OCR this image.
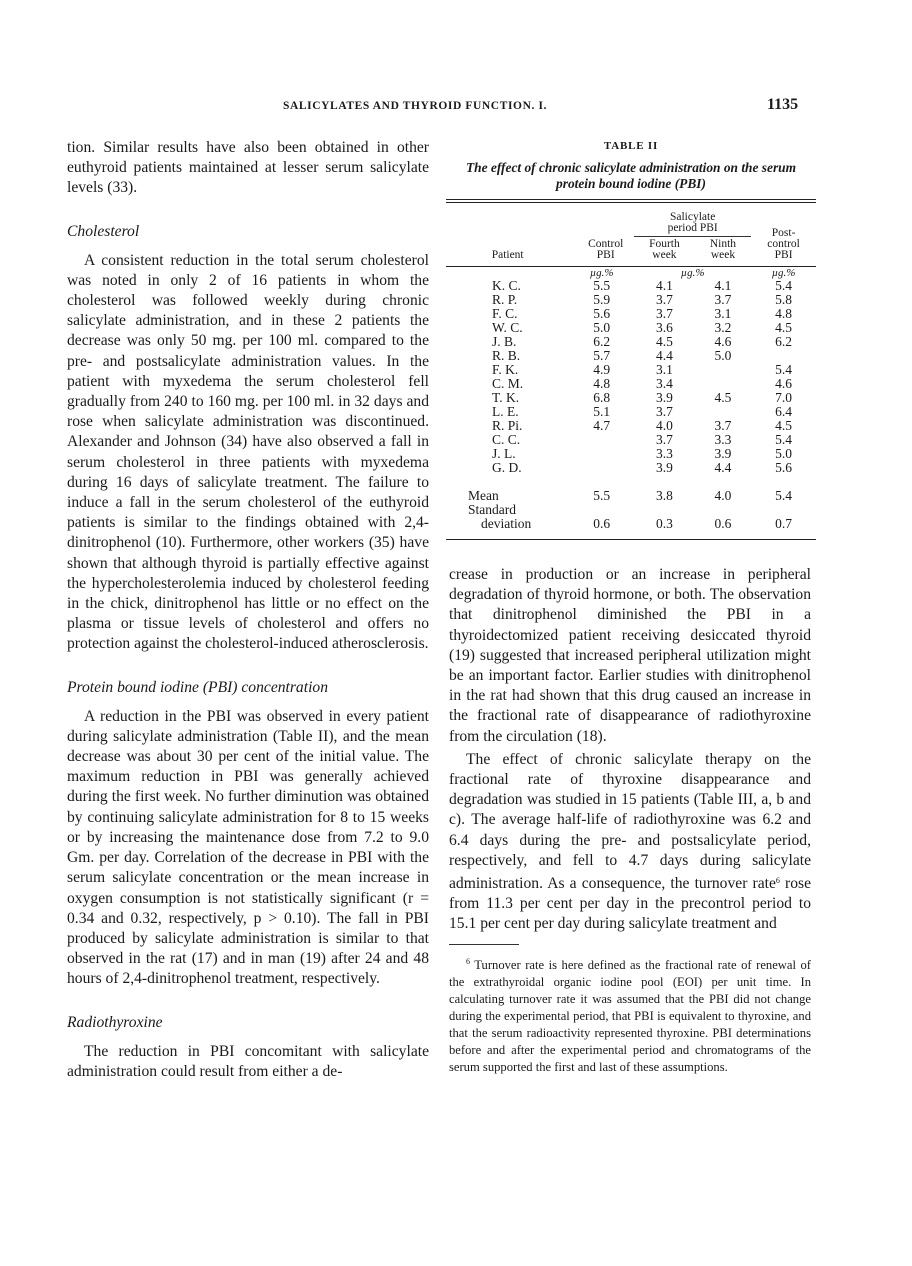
SALICYLATES AND THYROID FUNCTION. I.	1135

tion. Similar results have also been obtained in other euthyroid patients maintained at lesser serum salicylate levels (33).

Cholesterol

A consistent reduction in the total serum cholesterol was noted in only 2 of 16 patients in whom the cholesterol was followed weekly during chronic salicylate administration, and in these 2 patients the decrease was only 50 mg. per 100 ml. compared to the pre- and postsalicylate administration values. In the patient with myxedema the serum cholesterol fell gradually from 240 to 160 mg. per 100 ml. in 32 days and rose when salicylate administration was discontinued. Alexander and Johnson (34) have also observed a fall in serum cholesterol in three patients with myxedema during 16 days of salicylate treatment. The failure to induce a fall in the serum cholesterol of the euthyroid patients is similar to the findings obtained with 2,4-dinitrophenol (10). Furthermore, other workers (35) have shown that although thyroid is partially effective against the hypercholesterolemia induced by cholesterol feeding in the chick, dinitrophenol has little or no effect on the plasma or tissue levels of cholesterol and offers no protection against the cholesterol-induced atherosclerosis.

Protein bound iodine (PBI) concentration

A reduction in the PBI was observed in every patient during salicylate administration (Table II), and the mean decrease was about 30 per cent of the initial value. The maximum reduction in PBI was generally achieved during the first week. No further diminution was obtained by continuing salicylate administration for 8 to 15 weeks or by increasing the maintenance dose from 7.2 to 9.0 Gm. per day. Correlation of the decrease in PBI with the serum salicylate concentration or the mean increase in oxygen consumption is not statistically significant (r = 0.34 and 0.32, respectively, p > 0.10). The fall in PBI produced by salicylate administration is similar to that observed in the rat (17) and in man (19) after 24 and 48 hours of 2,4-dinitrophenol treatment, respectively.

Radiothyroxine

The reduction in PBI concomitant with salicylate administration could result from either a de-

TABLE II
The effect of chronic salicylate administration on the serum protein bound iodine (PBI)
Patient	Control PBI	Salicylate period PBI		Post-control PBI
		Fourth week	Ninth week	

	µg.%	µg.%		µg.%
K. C.	5.5	4.1	4.1	5.4
R. P.	5.9	3.7	3.7	5.8
F. C.	5.6	3.7	3.1	4.8
W. C.	5.0	3.6	3.2	4.5
J. B.	6.2	4.5	4.6	6.2
R. B.	5.7	4.4	5.0	
F. K.	4.9	3.1		5.4
C. M.	4.8	3.4		4.6
T. K.	6.8	3.9	4.5	7.0
L. E.	5.1	3.7		6.4
R. Pi.	4.7	4.0	3.7	4.5
C. C.		3.7	3.3	5.4
J. L.		3.3	3.9	5.0
G. D.		3.9	4.4	5.6
Mean	5.5	3.8	4.0	5.4
Standard
deviation	0.6	0.3	0.6	0.7

crease in production or an increase in peripheral degradation of thyroid hormone, or both. The observation that dinitrophenol diminished the PBI in a thyroidectomized patient receiving desiccated thyroid (19) suggested that increased peripheral utilization might be an important factor. Earlier studies with dinitrophenol in the rat had shown that this drug caused an increase in the fractional rate of disappearance of radiothyroxine from the circulation (18).

The effect of chronic salicylate therapy on the fractional rate of thyroxine disappearance and degradation was studied in 15 patients (Table III, a, b and c). The average half-life of radiothyroxine was 6.2 and 6.4 days during the pre- and postsalicylate period, respectively, and fell to 4.7 days during salicylate administration. As a consequence, the turnover rate$^6$ rose from 11.3 per cent per day in the precontrol period to 15.1 per cent per day during salicylate treatment and

$^6$ Turnover rate is here defined as the fractional rate of renewal of the extrathyroidal organic iodine pool (EOI) per unit time. In calculating turnover rate it was assumed that the PBI did not change during the experimental period, that PBI is equivalent to thyroxine, and that the serum radioactivity represented thyroxine. PBI determinations before and after the experimental period and chromatograms of the serum supported the first and last of these assumptions.
